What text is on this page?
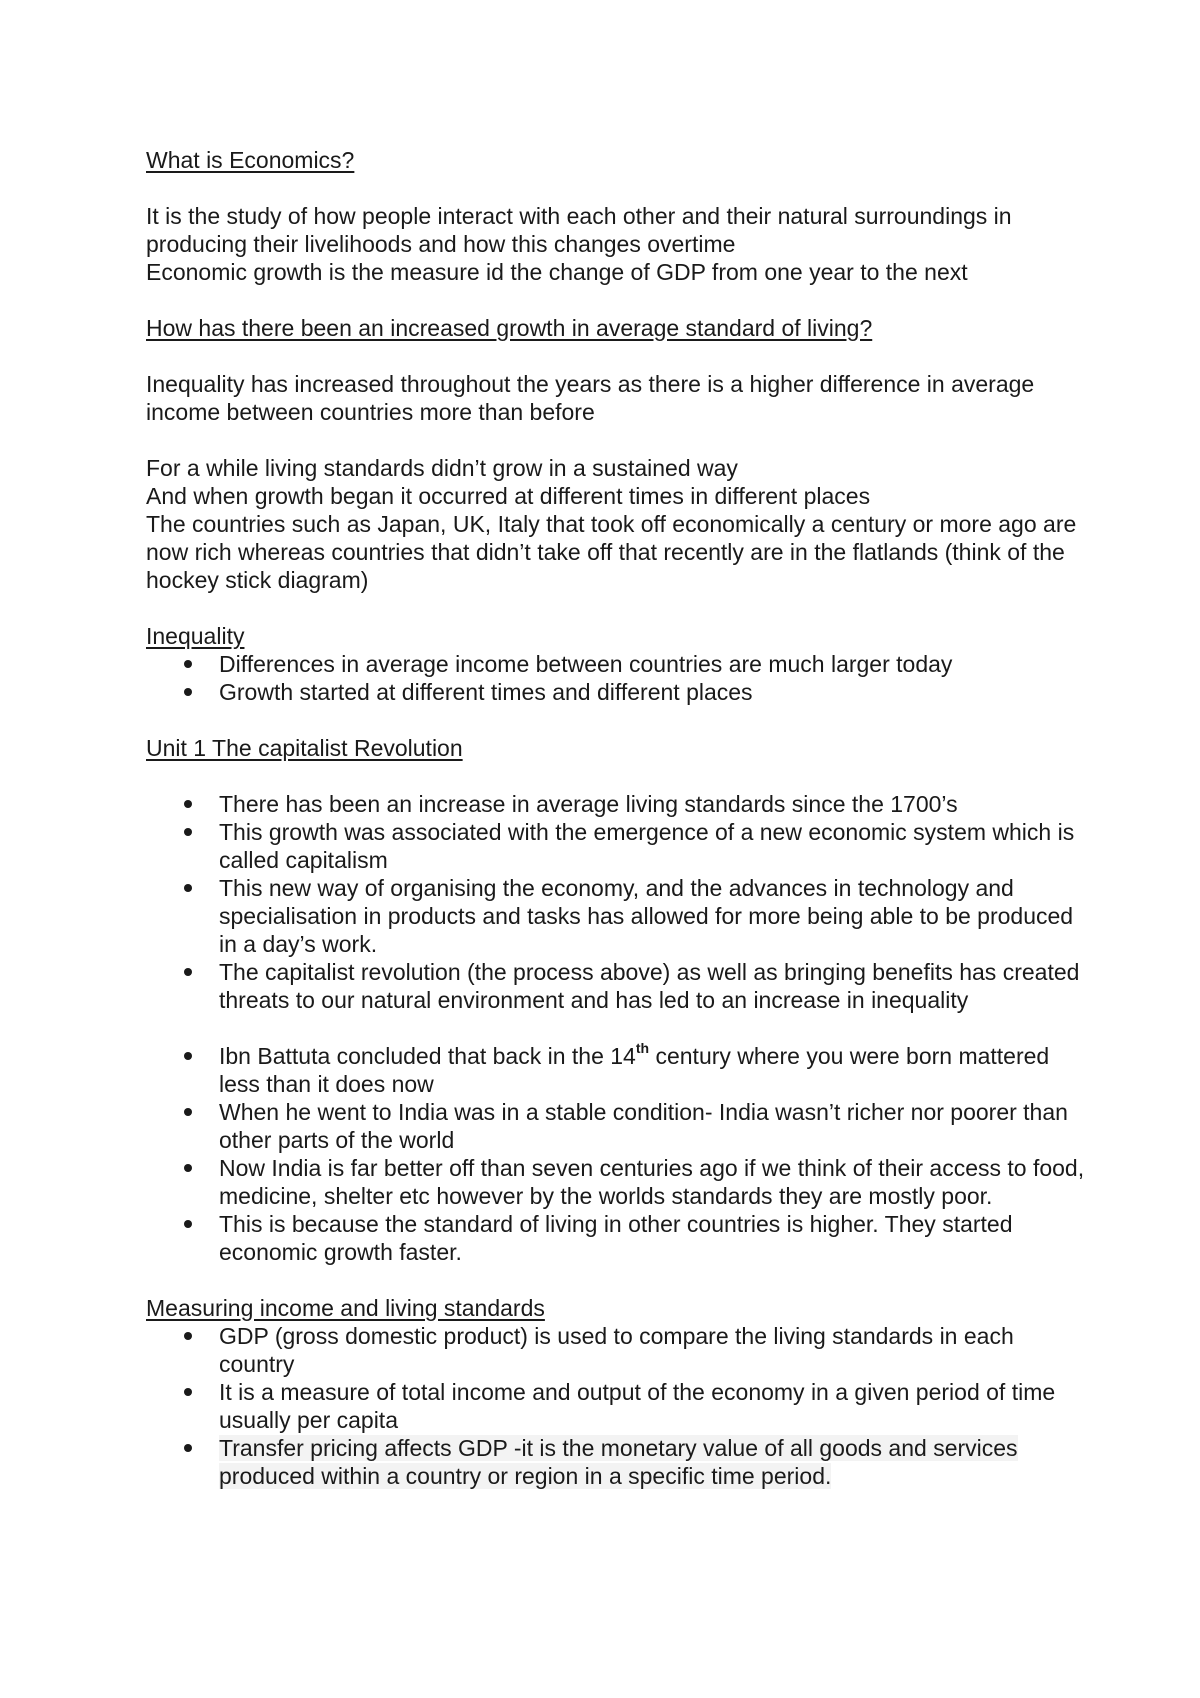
What is Economics?

It is the study of how people interact with each other and their natural surroundings in producing their livelihoods and how this changes overtime

Economic growth is the measure id the change of GDP from one year to the next

How has there been an increased growth in average standard of living?

Inequality has increased throughout the years as there is a higher difference in average income between countries more than before

For a while living standards didn’t grow in a sustained way

And when growth began it occurred at different times in different places

The countries such as Japan, UK, Italy that took off economically a century or more ago are now rich whereas countries that didn’t take off that recently are in the flatlands (think of the hockey stick diagram)

Inequality

Differences in average income between countries are much larger today
Growth started at different times and different places

Unit 1 The capitalist Revolution

There has been an increase in average living standards since the 1700’s
This growth was associated with the emergence of a new economic system which is called capitalism
This new way of organising the economy, and the advances in technology and specialisation in products and tasks has allowed for more being able to be produced in a day’s work.
The capitalist revolution (the process above) as well as bringing benefits has created threats to our natural environment and has led to an increase in inequality
Ibn Battuta concluded that back in the 14th century where you were born mattered less than it does now
When he went to India was in a stable condition- India wasn’t richer nor poorer than other parts of the world
Now India is far better off than seven centuries ago if we think of their access to food, medicine, shelter etc however by the worlds standards they are mostly poor.
This is because the standard of living in other countries is higher. They started economic growth faster.

Measuring income and living standards

GDP (gross domestic product) is used to compare the living standards in each country
It is a measure of total income and output of the economy in a given period of time usually per capita
Transfer pricing affects GDP -it is the monetary value of all goods and services produced within a country or region in a specific time period.
